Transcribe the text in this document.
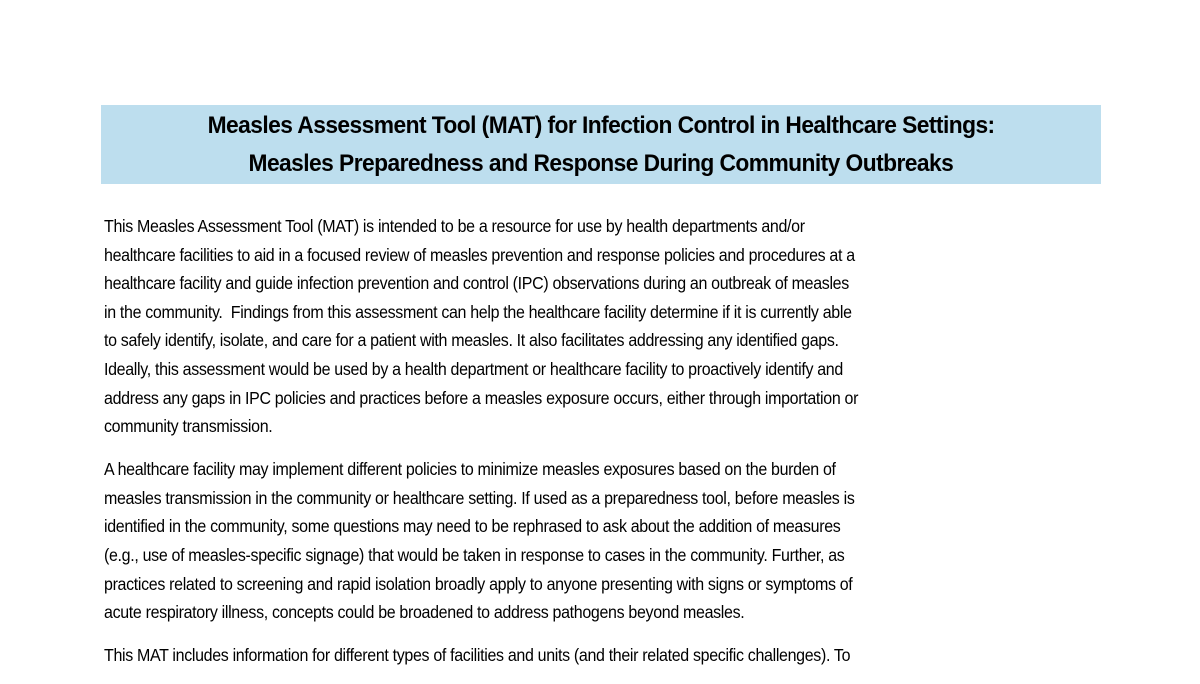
Measles Assessment Tool (MAT) for Infection Control in Healthcare Settings:
Measles Preparedness and Response During Community Outbreaks

This Measles Assessment Tool (MAT) is intended to be a resource for use by health departments and/or
healthcare facilities to aid in a focused review of measles prevention and response policies and procedures at a
healthcare facility and guide infection prevention and control (IPC) observations during an outbreak of measles
in the community.  Findings from this assessment can help the healthcare facility determine if it is currently able
to safely identify, isolate, and care for a patient with measles. It also facilitates addressing any identified gaps.
Ideally, this assessment would be used by a health department or healthcare facility to proactively identify and
address any gaps in IPC policies and practices before a measles exposure occurs, either through importation or
community transmission.

A healthcare facility may implement different policies to minimize measles exposures based on the burden of
measles transmission in the community or healthcare setting. If used as a preparedness tool, before measles is
identified in the community, some questions may need to be rephrased to ask about the addition of measures
(e.g., use of measles-specific signage) that would be taken in response to cases in the community. Further, as
practices related to screening and rapid isolation broadly apply to anyone presenting with signs or symptoms of
acute respiratory illness, concepts could be broadened to address pathogens beyond measles.

This MAT includes information for different types of facilities and units (and their related specific challenges). To
